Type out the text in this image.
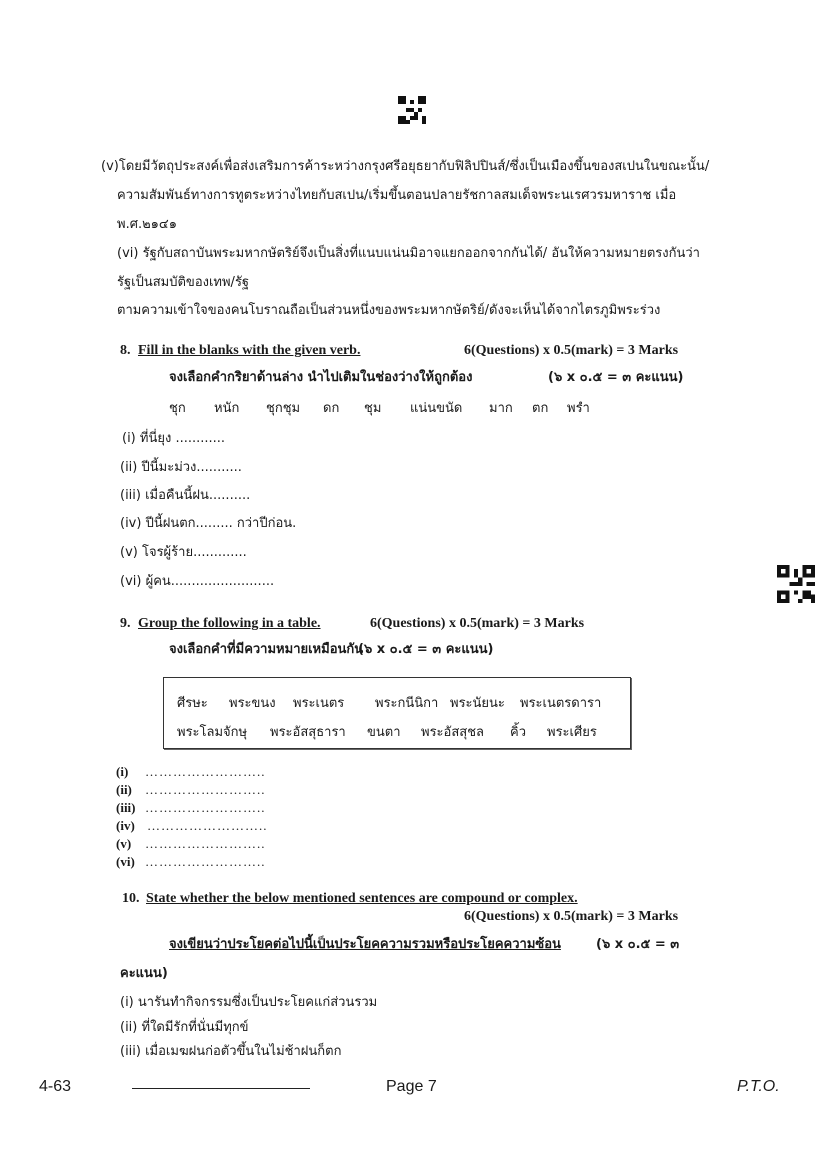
(v)โดยมีวัตถุประสงค์เพื่อส่งเสริมการค้าระหว่างกรุงศรีอยุธยากับฟิลิปปินส์/ซึ่งเป็นเมืองขึ้นของสเปนในขณะนั้น/
ความสัมพันธ์ทางการทูตระหว่างไทยกับสเปน/เริ่มขึ้นตอนปลายรัชกาลสมเด็จพระนเรศวรมหาราช เมื่อ
พ.ศ.๒๑๔๑
(vi) รัฐกับสถาบันพระมหากษัตริย์จึงเป็นสิ่งที่แนบแน่นมิอาจแยกออกจากกันได้/ อันให้ความหมายตรงกันว่า
รัฐเป็นสมบัติของเทพ/รัฐ
ตามความเข้าใจของคนโบราณถือเป็นส่วนหนึ่งของพระมหากษัตริย์/ดังจะเห็นได้จากไตรภูมิพระร่วง
8. Fill in the blanks with the given verb.	6(Questions) x 0.5(mark) = 3 Marks
จงเลือกคำกริยาด้านล่าง นำไปเติมในช่องว่างให้ถูกต้อง	(๖ x ๐.๕ = ๓ คะแนน)
ชุก หนัก ชุกชุม ดก ชุม แน่นขนัด มาก ตก พรำ
(i) ที่นี่ยุง ............
(ii) ปีนี้มะม่วง...........
(iii) เมื่อคืนนี้ฝน..........
(iv) ปีนี้ฝนตก......... กว่าปีก่อน.
(v) โจรผู้ร้าย.............
(vi) ผู้คน.........................
9. Group the following in a table.	6(Questions) x 0.5(mark) = 3 Marks
จงเลือกคำที่มีความหมายเหมือนกัน
(๖ x ๐.๕ = ๓ คะแนน)
ศีรษะ พระขนง พระเนตร พระกนีนิกา พระนัยนะ พระเนตรดารา
พระโลมจักษุ พระอัสสุธารา ขนตา พระอัสสุชล คิ้ว พระเศียร
(i) ……………………..
(ii) ……………………..
(iii) ……………………..
(iv) ……………………..
(v) ……………………..
(vi) ……………………..
10. State whether the below mentioned sentences are compound or complex.
6(Questions) x 0.5(mark) = 3 Marks
จงเขียนว่าประโยคต่อไปนี้เป็นประโยคความรวมหรือประโยคความซ้อน	(๖ x ๐.๕ = ๓
คะแนน)
(i) นารันทำกิจกรรมซึ่งเป็นประโยคแก่ส่วนรวม
(ii) ที่ใดมีรักที่นั่นมีทุกข์
(iii) เมื่อเมฆฝนก่อตัวขึ้นในไม่ช้าฝนก็ตก
4-63	Page 7	P.T.O.
